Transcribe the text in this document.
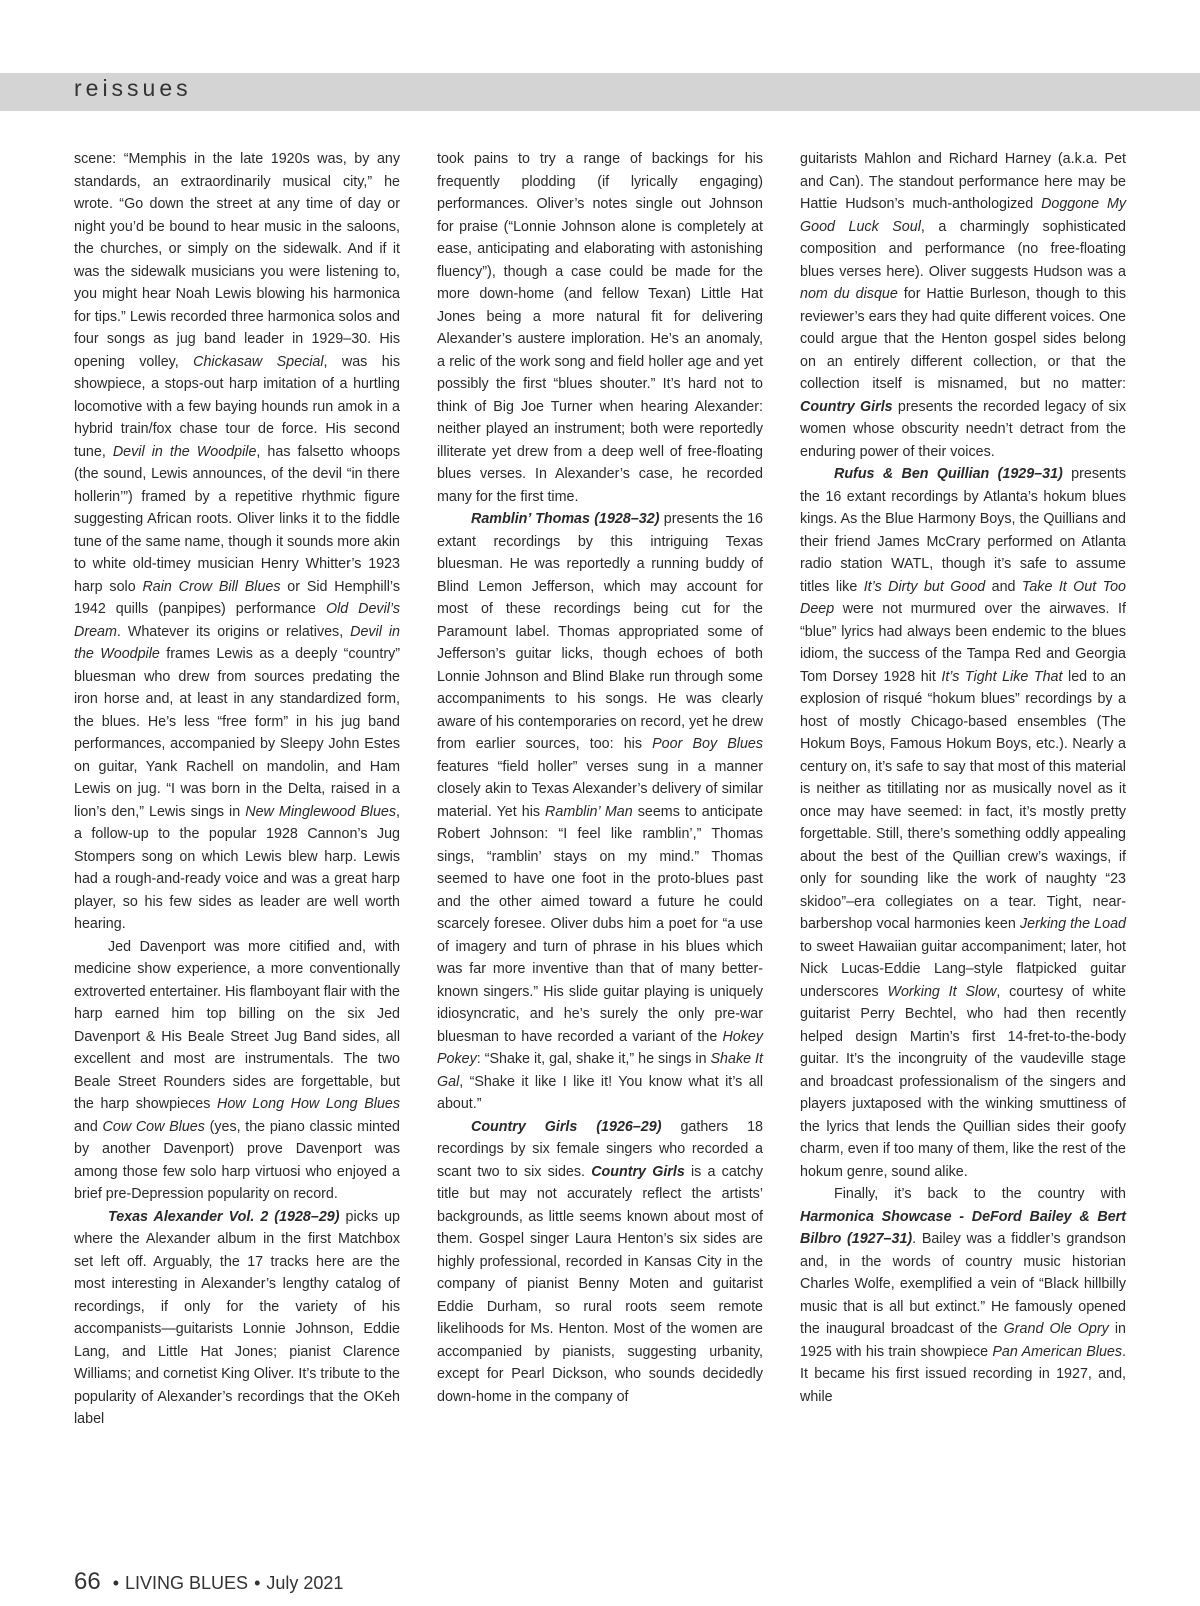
reissues

scene: “Memphis in the late 1920s was, by any standards, an extraordinarily musical city,” he wrote. “Go down the street at any time of day or night you’d be bound to hear music in the saloons, the churches, or simply on the sidewalk. And if it was the sidewalk musicians you were listening to, you might hear Noah Lewis blowing his harmonica for tips.” Lewis recorded three harmonica solos and four songs as jug band leader in 1929–30. His opening volley, Chickasaw Special, was his showpiece, a stops-out harp imitation of a hurtling locomotive with a few baying hounds run amok in a hybrid train/fox chase tour de force. His second tune, Devil in the Woodpile, has falsetto whoops (the sound, Lewis announces, of the devil “in there hollerin’”) framed by a repetitive rhythmic figure suggesting African roots. Oliver links it to the fiddle tune of the same name, though it sounds more akin to white old-timey musician Henry Whitter’s 1923 harp solo Rain Crow Bill Blues or Sid Hemphill’s 1942 quills (panpipes) performance Old Devil’s Dream. Whatever its origins or relatives, Devil in the Woodpile frames Lewis as a deeply “country” bluesman who drew from sources predating the iron horse and, at least in any standardized form, the blues. He’s less “free form” in his jug band performances, accompanied by Sleepy John Estes on guitar, Yank Rachell on mandolin, and Ham Lewis on jug. “I was born in the Delta, raised in a lion’s den,” Lewis sings in New Minglewood Blues, a follow-up to the popular 1928 Cannon’s Jug Stompers song on which Lewis blew harp. Lewis had a rough-and-ready voice and was a great harp player, so his few sides as leader are well worth hearing.

Jed Davenport was more citified and, with medicine show experience, a more conventionally extroverted entertainer. His flamboyant flair with the harp earned him top billing on the six Jed Davenport & His Beale Street Jug Band sides, all excellent and most are instrumentals. The two Beale Street Rounders sides are forgettable, but the harp showpieces How Long How Long Blues and Cow Cow Blues (yes, the piano classic minted by another Davenport) prove Davenport was among those few solo harp virtuosi who enjoyed a brief pre-Depression popularity on record.

Texas Alexander Vol. 2 (1928–29) picks up where the Alexander album in the first Matchbox set left off. Arguably, the 17 tracks here are the most interesting in Alexander’s lengthy catalog of recordings, if only for the variety of his accompanists—guitarists Lonnie Johnson, Eddie Lang, and Little Hat Jones; pianist Clarence Williams; and cornetist King Oliver. It’s tribute to the popularity of Alexander’s recordings that the OKeh label

took pains to try a range of backings for his frequently plodding (if lyrically engaging) performances. Oliver’s notes single out Johnson for praise (“Lonnie Johnson alone is completely at ease, anticipating and elaborating with astonishing fluency”), though a case could be made for the more down-home (and fellow Texan) Little Hat Jones being a more natural fit for delivering Alexander’s austere imploration. He’s an anomaly, a relic of the work song and field holler age and yet possibly the first “blues shouter.” It’s hard not to think of Big Joe Turner when hearing Alexander: neither played an instrument; both were reportedly illiterate yet drew from a deep well of free-floating blues verses. In Alexander’s case, he recorded many for the first time.

Ramblin’ Thomas (1928–32) presents the 16 extant recordings by this intriguing Texas bluesman. He was reportedly a running buddy of Blind Lemon Jefferson, which may account for most of these recordings being cut for the Paramount label. Thomas appropriated some of Jefferson’s guitar licks, though echoes of both Lonnie Johnson and Blind Blake run through some accompaniments to his songs. He was clearly aware of his contemporaries on record, yet he drew from earlier sources, too: his Poor Boy Blues features “field holler” verses sung in a manner closely akin to Texas Alexander’s delivery of similar material. Yet his Ramblin’ Man seems to anticipate Robert Johnson: “I feel like ramblin’,” Thomas sings, “ramblin’ stays on my mind.” Thomas seemed to have one foot in the proto-blues past and the other aimed toward a future he could scarcely foresee. Oliver dubs him a poet for “a use of imagery and turn of phrase in his blues which was far more inventive than that of many better-known singers.” His slide guitar playing is uniquely idiosyncratic, and he’s surely the only pre-war bluesman to have recorded a variant of the Hokey Pokey: “Shake it, gal, shake it,” he sings in Shake It Gal, “Shake it like I like it! You know what it’s all about.”

Country Girls (1926–29) gathers 18 recordings by six female singers who recorded a scant two to six sides. Country Girls is a catchy title but may not accurately reflect the artists’ backgrounds, as little seems known about most of them. Gospel singer Laura Henton’s six sides are highly professional, recorded in Kansas City in the company of pianist Benny Moten and guitarist Eddie Durham, so rural roots seem remote likelihoods for Ms. Henton. Most of the women are accompanied by pianists, suggesting urbanity, except for Pearl Dickson, who sounds decidedly down-home in the company of

guitarists Mahlon and Richard Harney (a.k.a. Pet and Can). The standout performance here may be Hattie Hudson’s much-anthologized Doggone My Good Luck Soul, a charmingly sophisticated composition and performance (no free-floating blues verses here). Oliver suggests Hudson was a nom du disque for Hattie Burleson, though to this reviewer’s ears they had quite different voices. One could argue that the Henton gospel sides belong on an entirely different collection, or that the collection itself is misnamed, but no matter: Country Girls presents the recorded legacy of six women whose obscurity needn’t detract from the enduring power of their voices.

Rufus & Ben Quillian (1929–31) presents the 16 extant recordings by Atlanta’s hokum blues kings. As the Blue Harmony Boys, the Quillians and their friend James McCrary performed on Atlanta radio station WATL, though it’s safe to assume titles like It’s Dirty but Good and Take It Out Too Deep were not murmured over the airwaves. If “blue” lyrics had always been endemic to the blues idiom, the success of the Tampa Red and Georgia Tom Dorsey 1928 hit It’s Tight Like That led to an explosion of risqué “hokum blues” recordings by a host of mostly Chicago-based ensembles (The Hokum Boys, Famous Hokum Boys, etc.). Nearly a century on, it’s safe to say that most of this material is neither as titillating nor as musically novel as it once may have seemed: in fact, it’s mostly pretty forgettable. Still, there’s something oddly appealing about the best of the Quillian crew’s waxings, if only for sounding like the work of naughty “23 skidoo”–era collegiates on a tear. Tight, near-barbershop vocal harmonies keen Jerking the Load to sweet Hawaiian guitar accompaniment; later, hot Nick Lucas-Eddie Lang–style flatpicked guitar underscores Working It Slow, courtesy of white guitarist Perry Bechtel, who had then recently helped design Martin’s first 14-fret-to-the-body guitar. It’s the incongruity of the vaudeville stage and broadcast professionalism of the singers and players juxtaposed with the winking smuttiness of the lyrics that lends the Quillian sides their goofy charm, even if too many of them, like the rest of the hokum genre, sound alike.

Finally, it’s back to the country with Harmonica Showcase - DeFord Bailey & Bert Bilbro (1927–31). Bailey was a fiddler’s grandson and, in the words of country music historian Charles Wolfe, exemplified a vein of “Black hillbilly music that is all but extinct.” He famously opened the inaugural broadcast of the Grand Ole Opry in 1925 with his train showpiece Pan American Blues. It became his first issued recording in 1927, and, while

66 • LIVING BLUES • July 2021
